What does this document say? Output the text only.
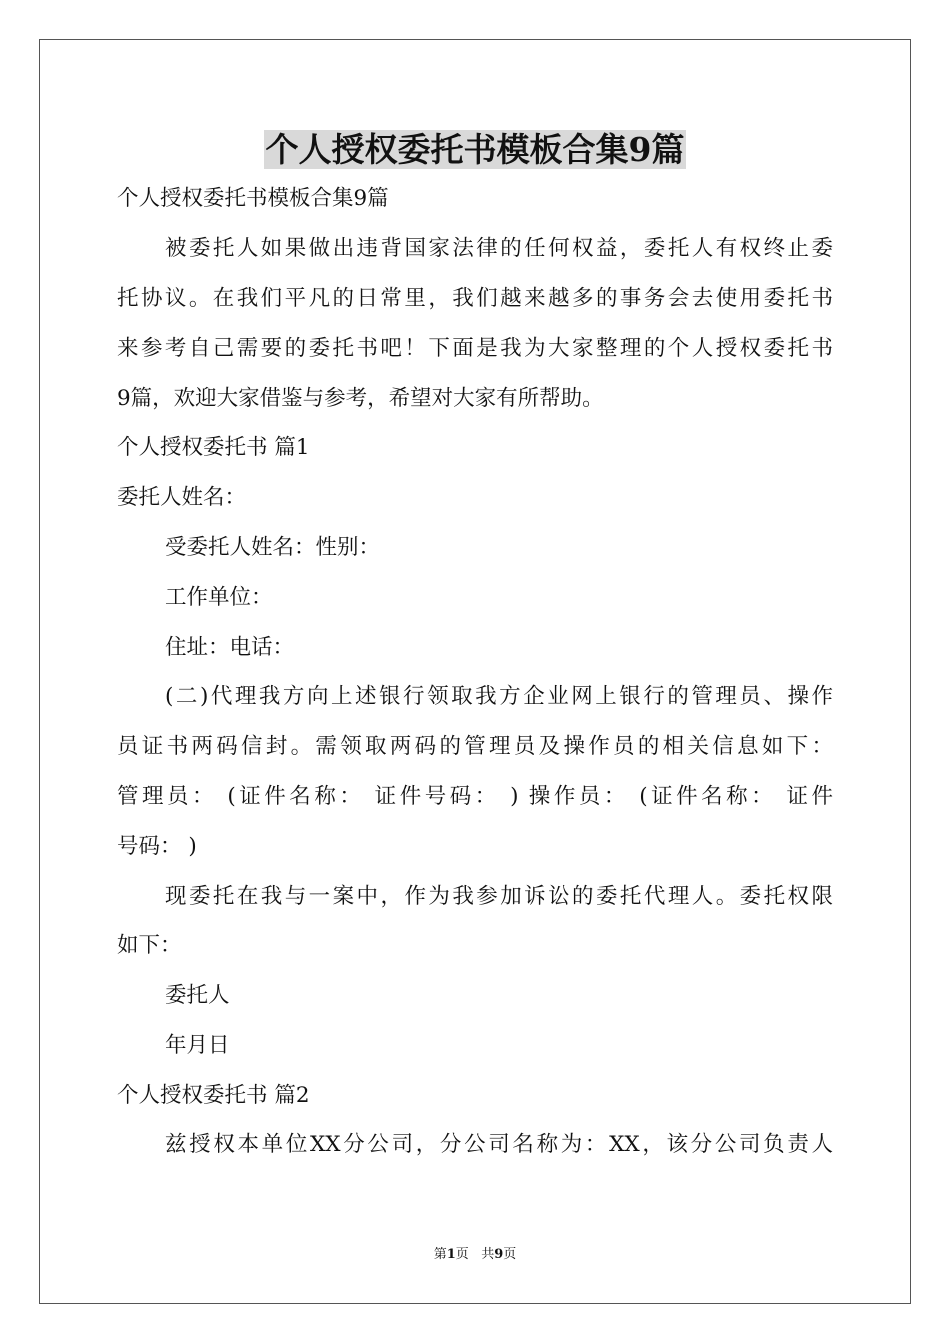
个人授权委托书模板合集9篇
个人授权委托书模板合集9篇
被委托人如果做出违背国家法律的任何权益，委托人有权终止委
托协议。在我们平凡的日常里，我们越来越多的事务会去使用委托书
来参考自己需要的委托书吧！下面是我为大家整理的个人授权委托书
9篇，欢迎大家借鉴与参考，希望对大家有所帮助。
个人授权委托书 篇1
委托人姓名：
受委托人姓名：性别：
工作单位：
住址：电话：
(二)代理我方向上述银行领取我方企业网上银行的管理员、操作
员证书两码信封。需领取两码的管理员及操作员的相关信息如下：
管理员： (证件名称： 证件号码： ) 操作员： (证件名称： 证件
号码： )
现委托在我与一案中，作为我参加诉讼的委托代理人。委托权限
如下：
委托人
年月日
个人授权委托书 篇2
兹授权本单位XX分公司，分公司名称为：XX，该分公司负责人
第1页 共9页
